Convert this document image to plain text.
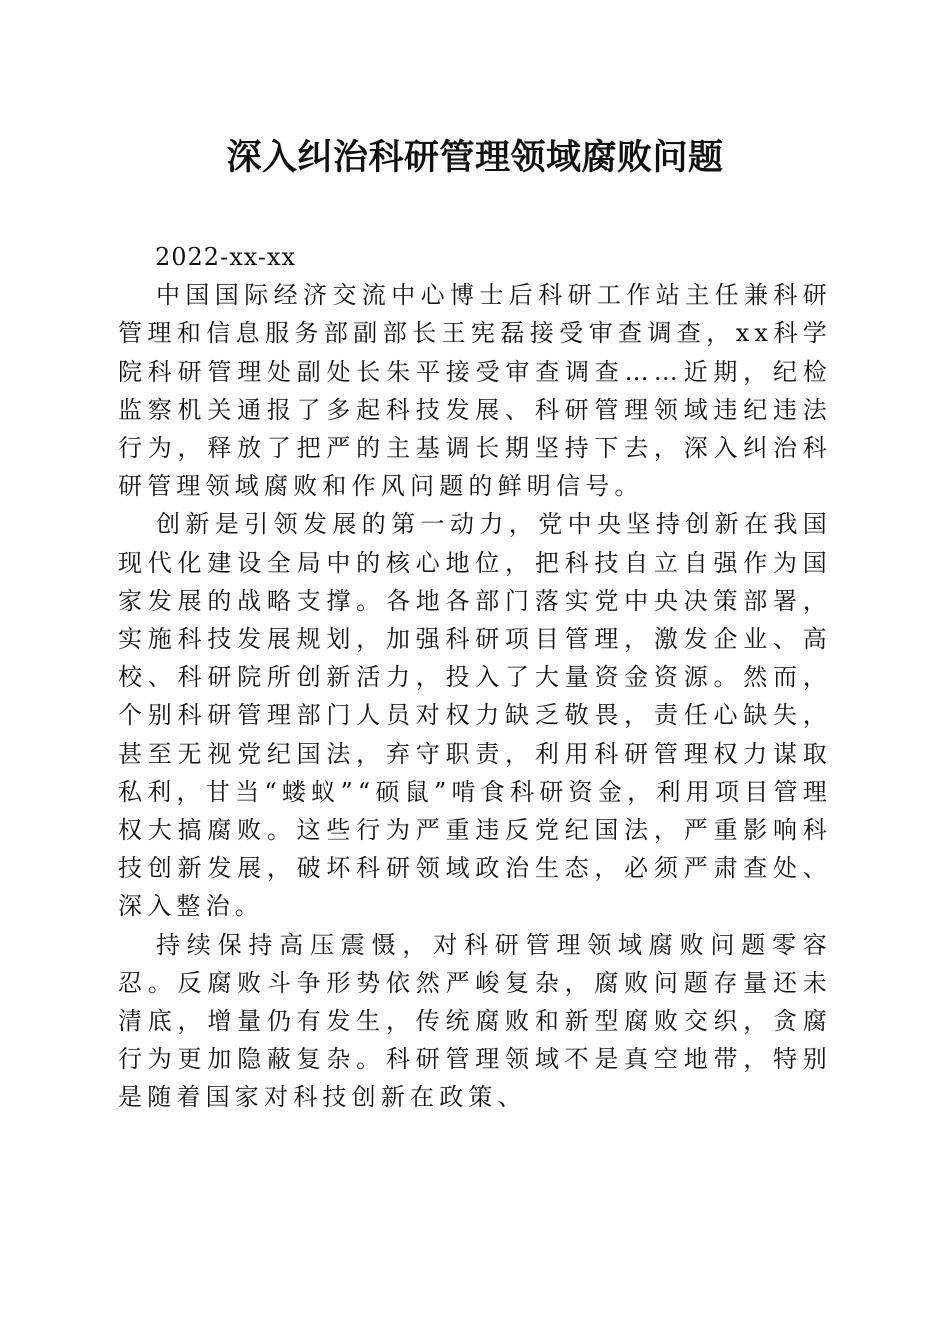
深入纠治科研管理领域腐败问题

2022-xx-xx

中国国际经济交流中心博士后科研工作站主任兼科研管理和信息服务部副部长王宪磊接受审查调查，xx科学院科研管理处副处长朱平接受审查调查……近期，纪检监察机关通报了多起科技发展、科研管理领域违纪违法行为，释放了把严的主基调长期坚持下去，深入纠治科研管理领域腐败和作风问题的鲜明信号。

创新是引领发展的第一动力，党中央坚持创新在我国现代化建设全局中的核心地位，把科技自立自强作为国家发展的战略支撑。各地各部门落实党中央决策部署，实施科技发展规划，加强科研项目管理，激发企业、高校、科研院所创新活力，投入了大量资金资源。然而，个别科研管理部门人员对权力缺乏敬畏，责任心缺失，甚至无视党纪国法，弃守职责，利用科研管理权力谋取私利，甘当“蝼蚁”“硕鼠”啃食科研资金，利用项目管理权大搞腐败。这些行为严重违反党纪国法，严重影响科技创新发展，破坏科研领域政治生态，必须严肃查处、深入整治。

持续保持高压震慑，对科研管理领域腐败问题零容忍。反腐败斗争形势依然严峻复杂，腐败问题存量还未清底，增量仍有发生，传统腐败和新型腐败交织，贪腐行为更加隐蔽复杂。科研管理领域不是真空地带，特别是随着国家对科技创新在政策、
